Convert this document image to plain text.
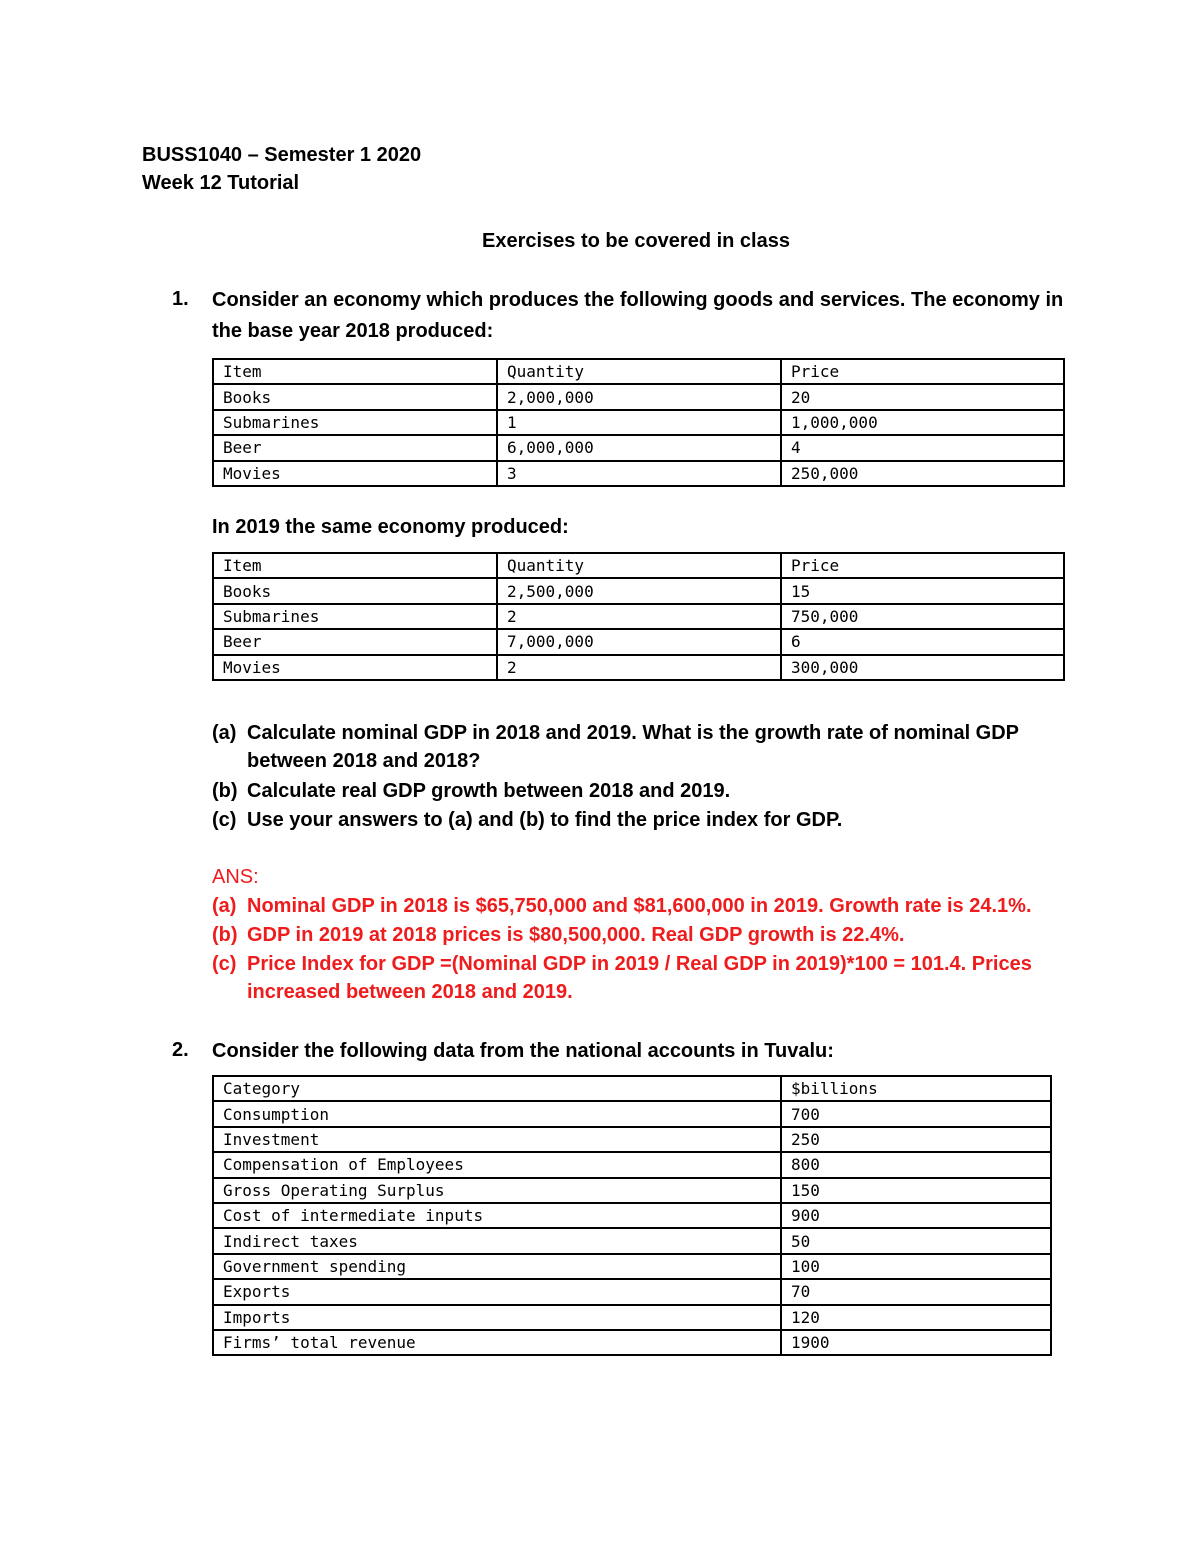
BUSS1040 – Semester 1 2020
Week 12 Tutorial
Exercises to be covered in class
1. Consider an economy which produces the following goods and services. The economy in
the base year 2018 produced:
Item	Quantity	Price
Books	2,000,000	20
Submarines	1	1,000,000
Beer	6,000,000	4
Movies	3	250,000
In 2019 the same economy produced:
Item	Quantity	Price
Books	2,500,000	15
Submarines	2	750,000
Beer	7,000,000	6
Movies	2	300,000
(a) Calculate nominal GDP in 2018 and 2019. What is the growth rate of nominal GDP
between 2018 and 2018?
(b) Calculate real GDP growth between 2018 and 2019.
(c) Use your answers to (a) and (b) to find the price index for GDP.
ANS:
(a) Nominal GDP in 2018 is $65,750,000 and $81,600,000 in 2019. Growth rate is 24.1%.
(b) GDP in 2019 at 2018 prices is $80,500,000. Real GDP growth is 22.4%.
(c) Price Index for GDP =(Nominal GDP in 2019 / Real GDP in 2019)*100 = 101.4. Prices
increased between 2018 and 2019.
2. Consider the following data from the national accounts in Tuvalu:
Category	$billions
Consumption	700
Investment	250
Compensation of Employees	800
Gross Operating Surplus	150
Cost of intermediate inputs	900
Indirect taxes	50
Government spending	100
Exports	70
Imports	120
Firms’ total revenue	1900
